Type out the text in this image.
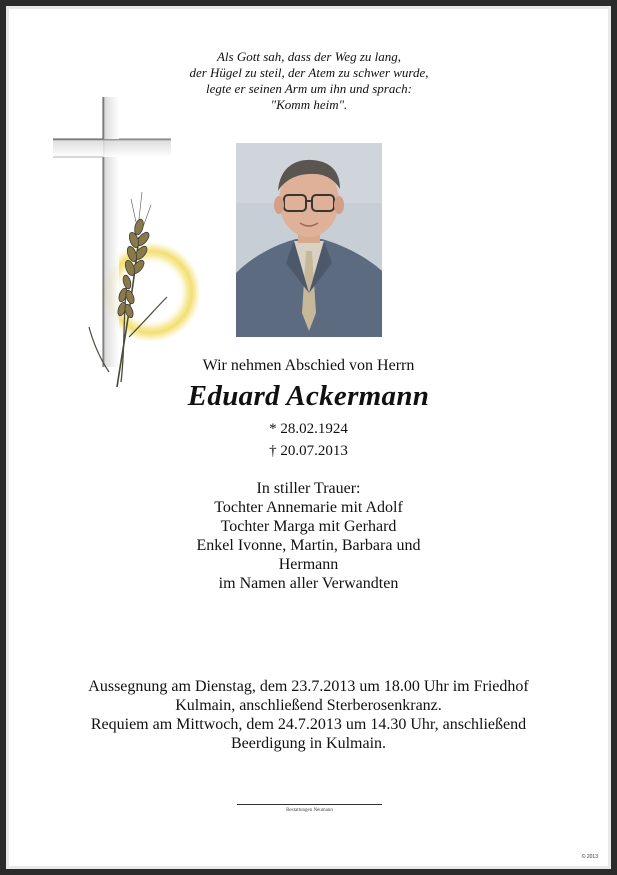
Als Gott sah, dass der Weg zu lang,
der Hügel zu steil, der Atem zu schwer wurde,
legte er seinen Arm um ihn und sprach:
"Komm heim".
Wir nehmen Abschied von Herrn
Eduard Ackermann
* 28.02.1924
† 20.07.2013
In stiller Trauer:
Tochter Annemarie mit Adolf
Tochter Marga mit Gerhard
Enkel Ivonne, Martin, Barbara und
Hermann
im Namen aller Verwandten
Aussegnung am Dienstag, dem 23.7.2013 um 18.00 Uhr im Friedhof
Kulmain, anschließend Sterberosenkranz.
Requiem am Mittwoch, dem 24.7.2013 um 14.30 Uhr, anschließend
Beerdigung in Kulmain.
Bestattungen Neumann
© 2013
